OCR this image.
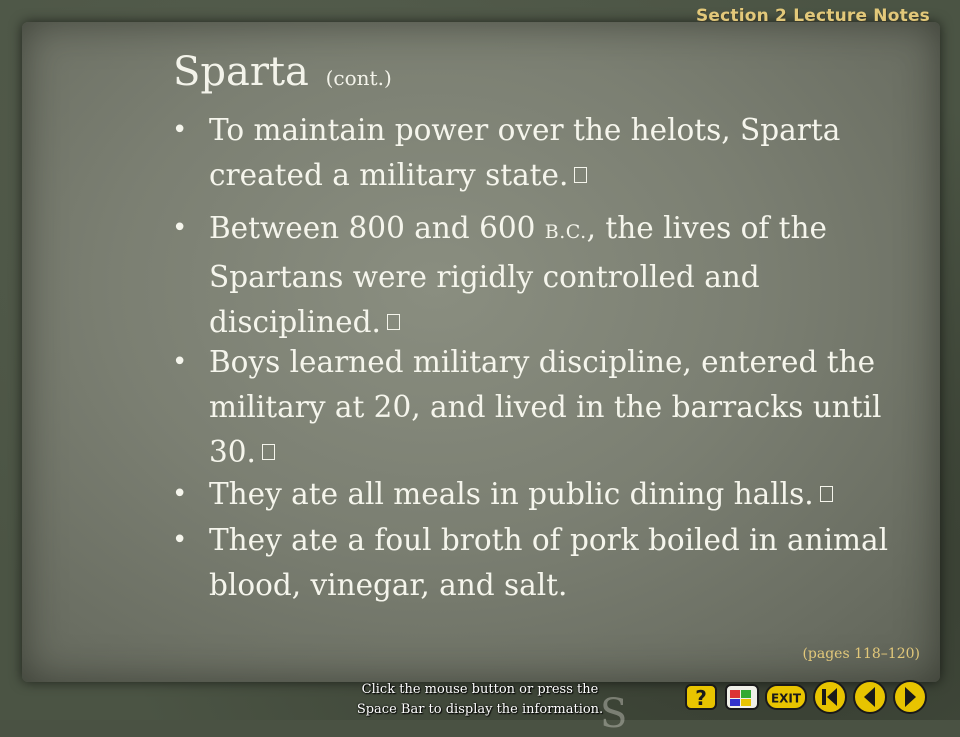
Section 2 Lecture Notes
Sparta (cont.)
• To maintain power over the helots, Sparta created a military state.
• Between 800 and 600 B.C., the lives of the Spartans were rigidly controlled and disciplined.
• Boys learned military discipline, entered the military at 20, and lived in the barracks until 30.
• They ate all meals in public dining halls.
• They ate a foul broth of pork boiled in animal blood, vinegar, and salt.
(pages 118–120)
Click the mouse button or press the Space Bar to display the information.
S	?	EXIT
